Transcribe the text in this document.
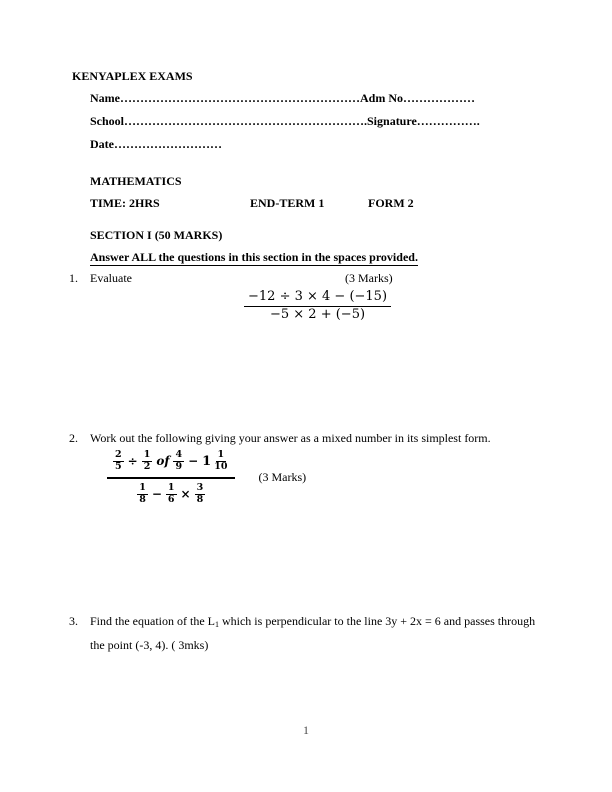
KENYAPLEX EXAMS
Name……………………………………………………Adm No………………
School…………………………………………………….Signature…………….
Date………………………
MATHEMATICS
TIME: 2HRS	END-TERM 1	FORM 2
SECTION I (50 MARKS)
Answer ALL the questions in this section in the spaces provided.
1. Evaluate	(3 Marks)
$\frac{-12 \div 3 \times 4 - (-15)}{-5 \times 2 + (-5)}$
2. Work out the following giving your answer as a mixed number in its simplest form.
$\frac{2}{5} \div \frac{1}{2}$ of 4
9 − 1 1
10
1
$8 - \frac{1}{6} \times \frac{3}{8}$
(3 Marks)
3. Find the equation of the L1 which is perpendicular to the line 3y + 2x = 6 and passes through
the point (-3, 4). ( 3mks)
1
